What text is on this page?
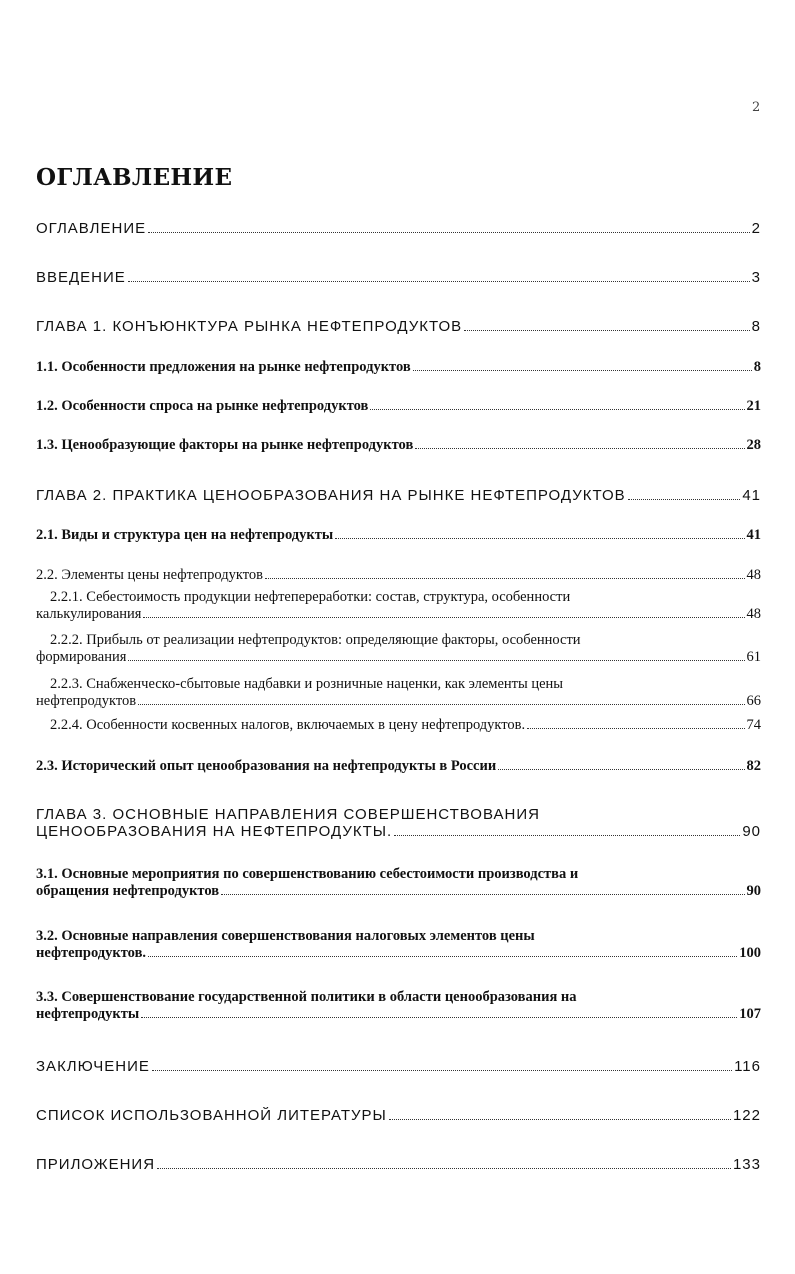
2
ОГЛАВЛЕНИЕ
ОГЛАВЛЕНИЕ	2
ВВЕДЕНИЕ	3
ГЛАВА 1. КОНЪЮНКТУРА РЫНКА НЕФТЕПРОДУКТОВ	8
1.1. Особенности предложения на рынке нефтепродуктов	8
1.2. Особенности спроса на рынке нефтепродуктов	21
1.3. Ценообразующие факторы на рынке нефтепродуктов	28
ГЛАВА 2. ПРАКТИКА ЦЕНООБРАЗОВАНИЯ НА РЫНКЕ НЕФТЕПРОДУКТОВ	41
2.1. Виды и структура цен на нефтепродукты	41
2.2. Элементы цены нефтепродуктов	48
2.2.1. Себестоимость продукции нефтепереработки: состав, структура, особенности
калькулирования	48
2.2.2. Прибыль от реализации нефтепродуктов: определяющие факторы, особенности
формирования	61
2.2.3. Снабженческо-сбытовые надбавки и розничные наценки, как элементы цены
нефтепродуктов	66
2.2.4. Особенности косвенных налогов, включаемых в цену нефтепродуктов.	74
2.3. Исторический опыт ценообразования на нефтепродукты в России	82
ГЛАВА 3. ОСНОВНЫЕ НАПРАВЛЕНИЯ СОВЕРШЕНСТВОВАНИЯ
ЦЕНООБРАЗОВАНИЯ НА НЕФТЕПРОДУКТЫ.	90
3.1. Основные мероприятия по совершенствованию себестоимости производства и
обращения нефтепродуктов	90
3.2. Основные направления совершенствования налоговых элементов цены
нефтепродуктов.	100
3.3. Совершенствование государственной политики в области ценообразования на
нефтепродукты	107
ЗАКЛЮЧЕНИЕ	116
СПИСОК ИСПОЛЬЗОВАННОЙ ЛИТЕРАТУРЫ	122
ПРИЛОЖЕНИЯ	133
